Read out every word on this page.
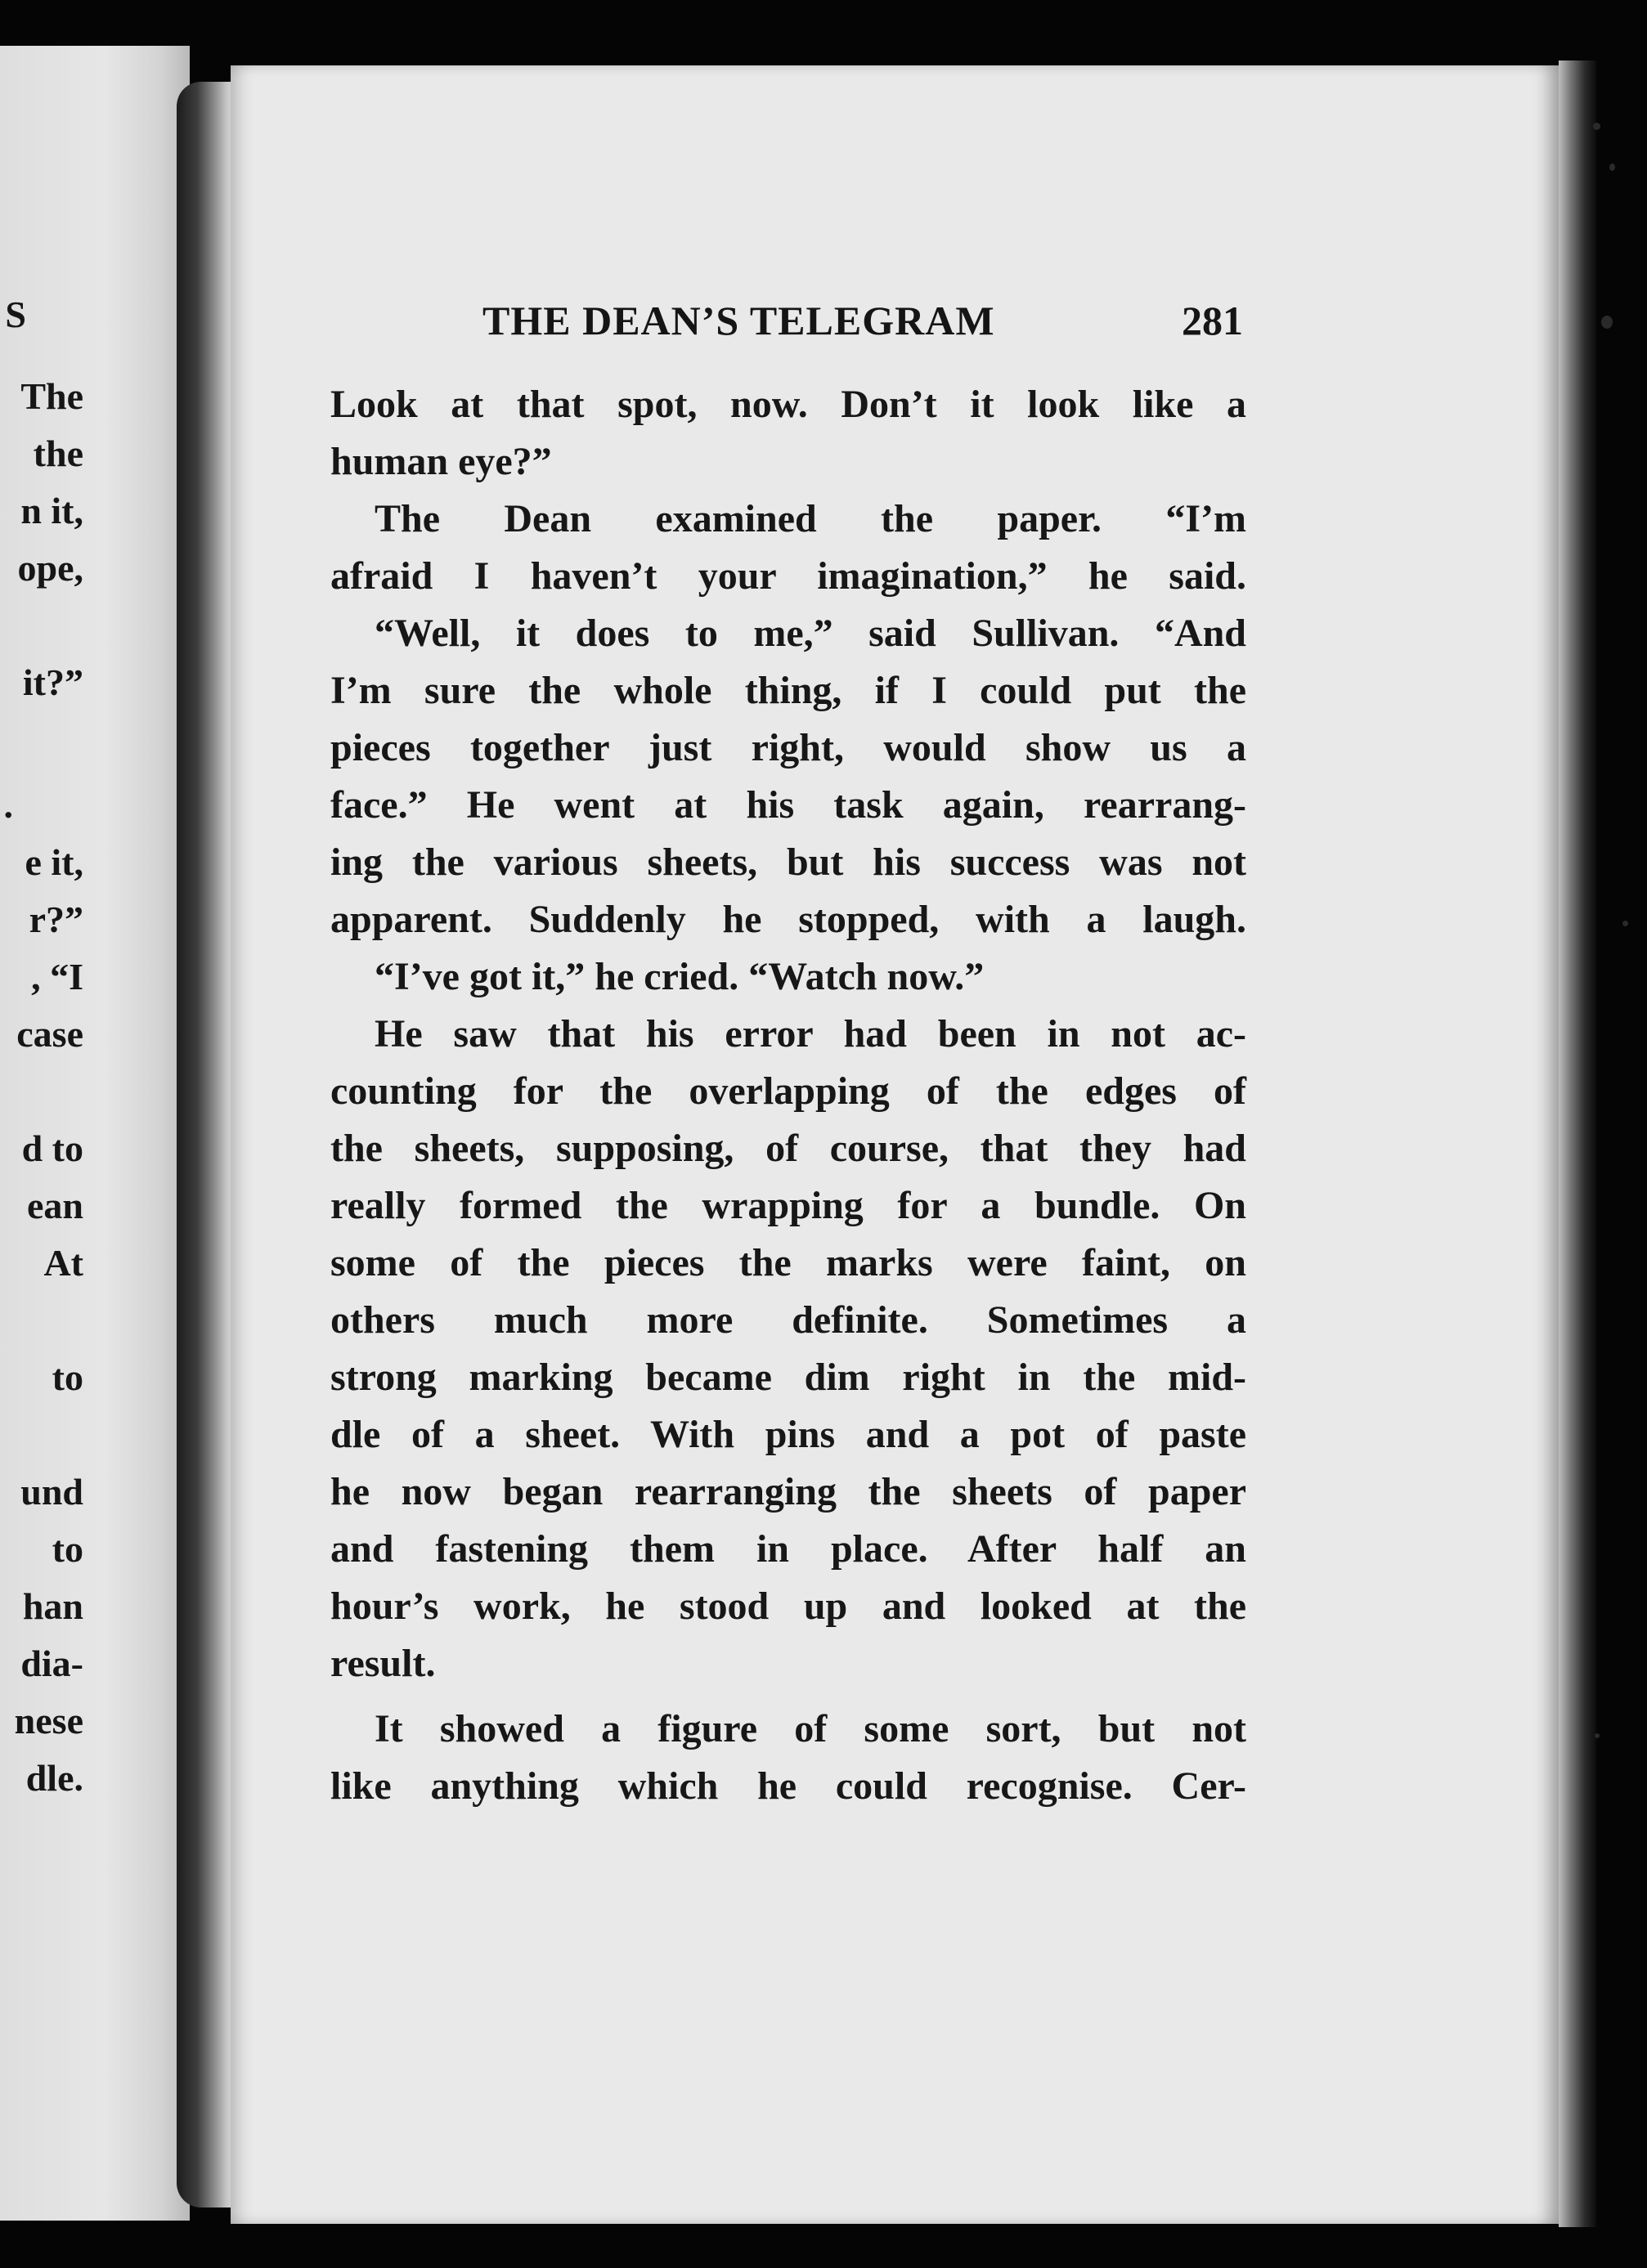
S
The
the
n it,
ope,
it?”
.
e it,
r?”
, “I
case
d to
ean
At
to
und
to
han
dia-
nese
dle.
THE DEAN’S TELEGRAM	281
Look at that spot, now. Don’t it look like a
human eye?”
The Dean examined the paper. “I’m
afraid I haven’t your imagination,” he said.
“Well, it does to me,” said Sullivan. “And
I’m sure the whole thing, if I could put the
pieces together just right, would show us a
face.” He went at his task again, rearrang-
ing the various sheets, but his success was not
apparent. Suddenly he stopped, with a laugh.
“I’ve got it,” he cried. “Watch now.”
He saw that his error had been in not ac-
counting for the overlapping of the edges of
the sheets, supposing, of course, that they had
really formed the wrapping for a bundle. On
some of the pieces the marks were faint, on
others much more definite. Sometimes a
strong marking became dim right in the mid-
dle of a sheet. With pins and a pot of paste
he now began rearranging the sheets of paper
and fastening them in place. After half an
hour’s work, he stood up and looked at the
result.
It showed a figure of some sort, but not
like anything which he could recognise. Cer-
